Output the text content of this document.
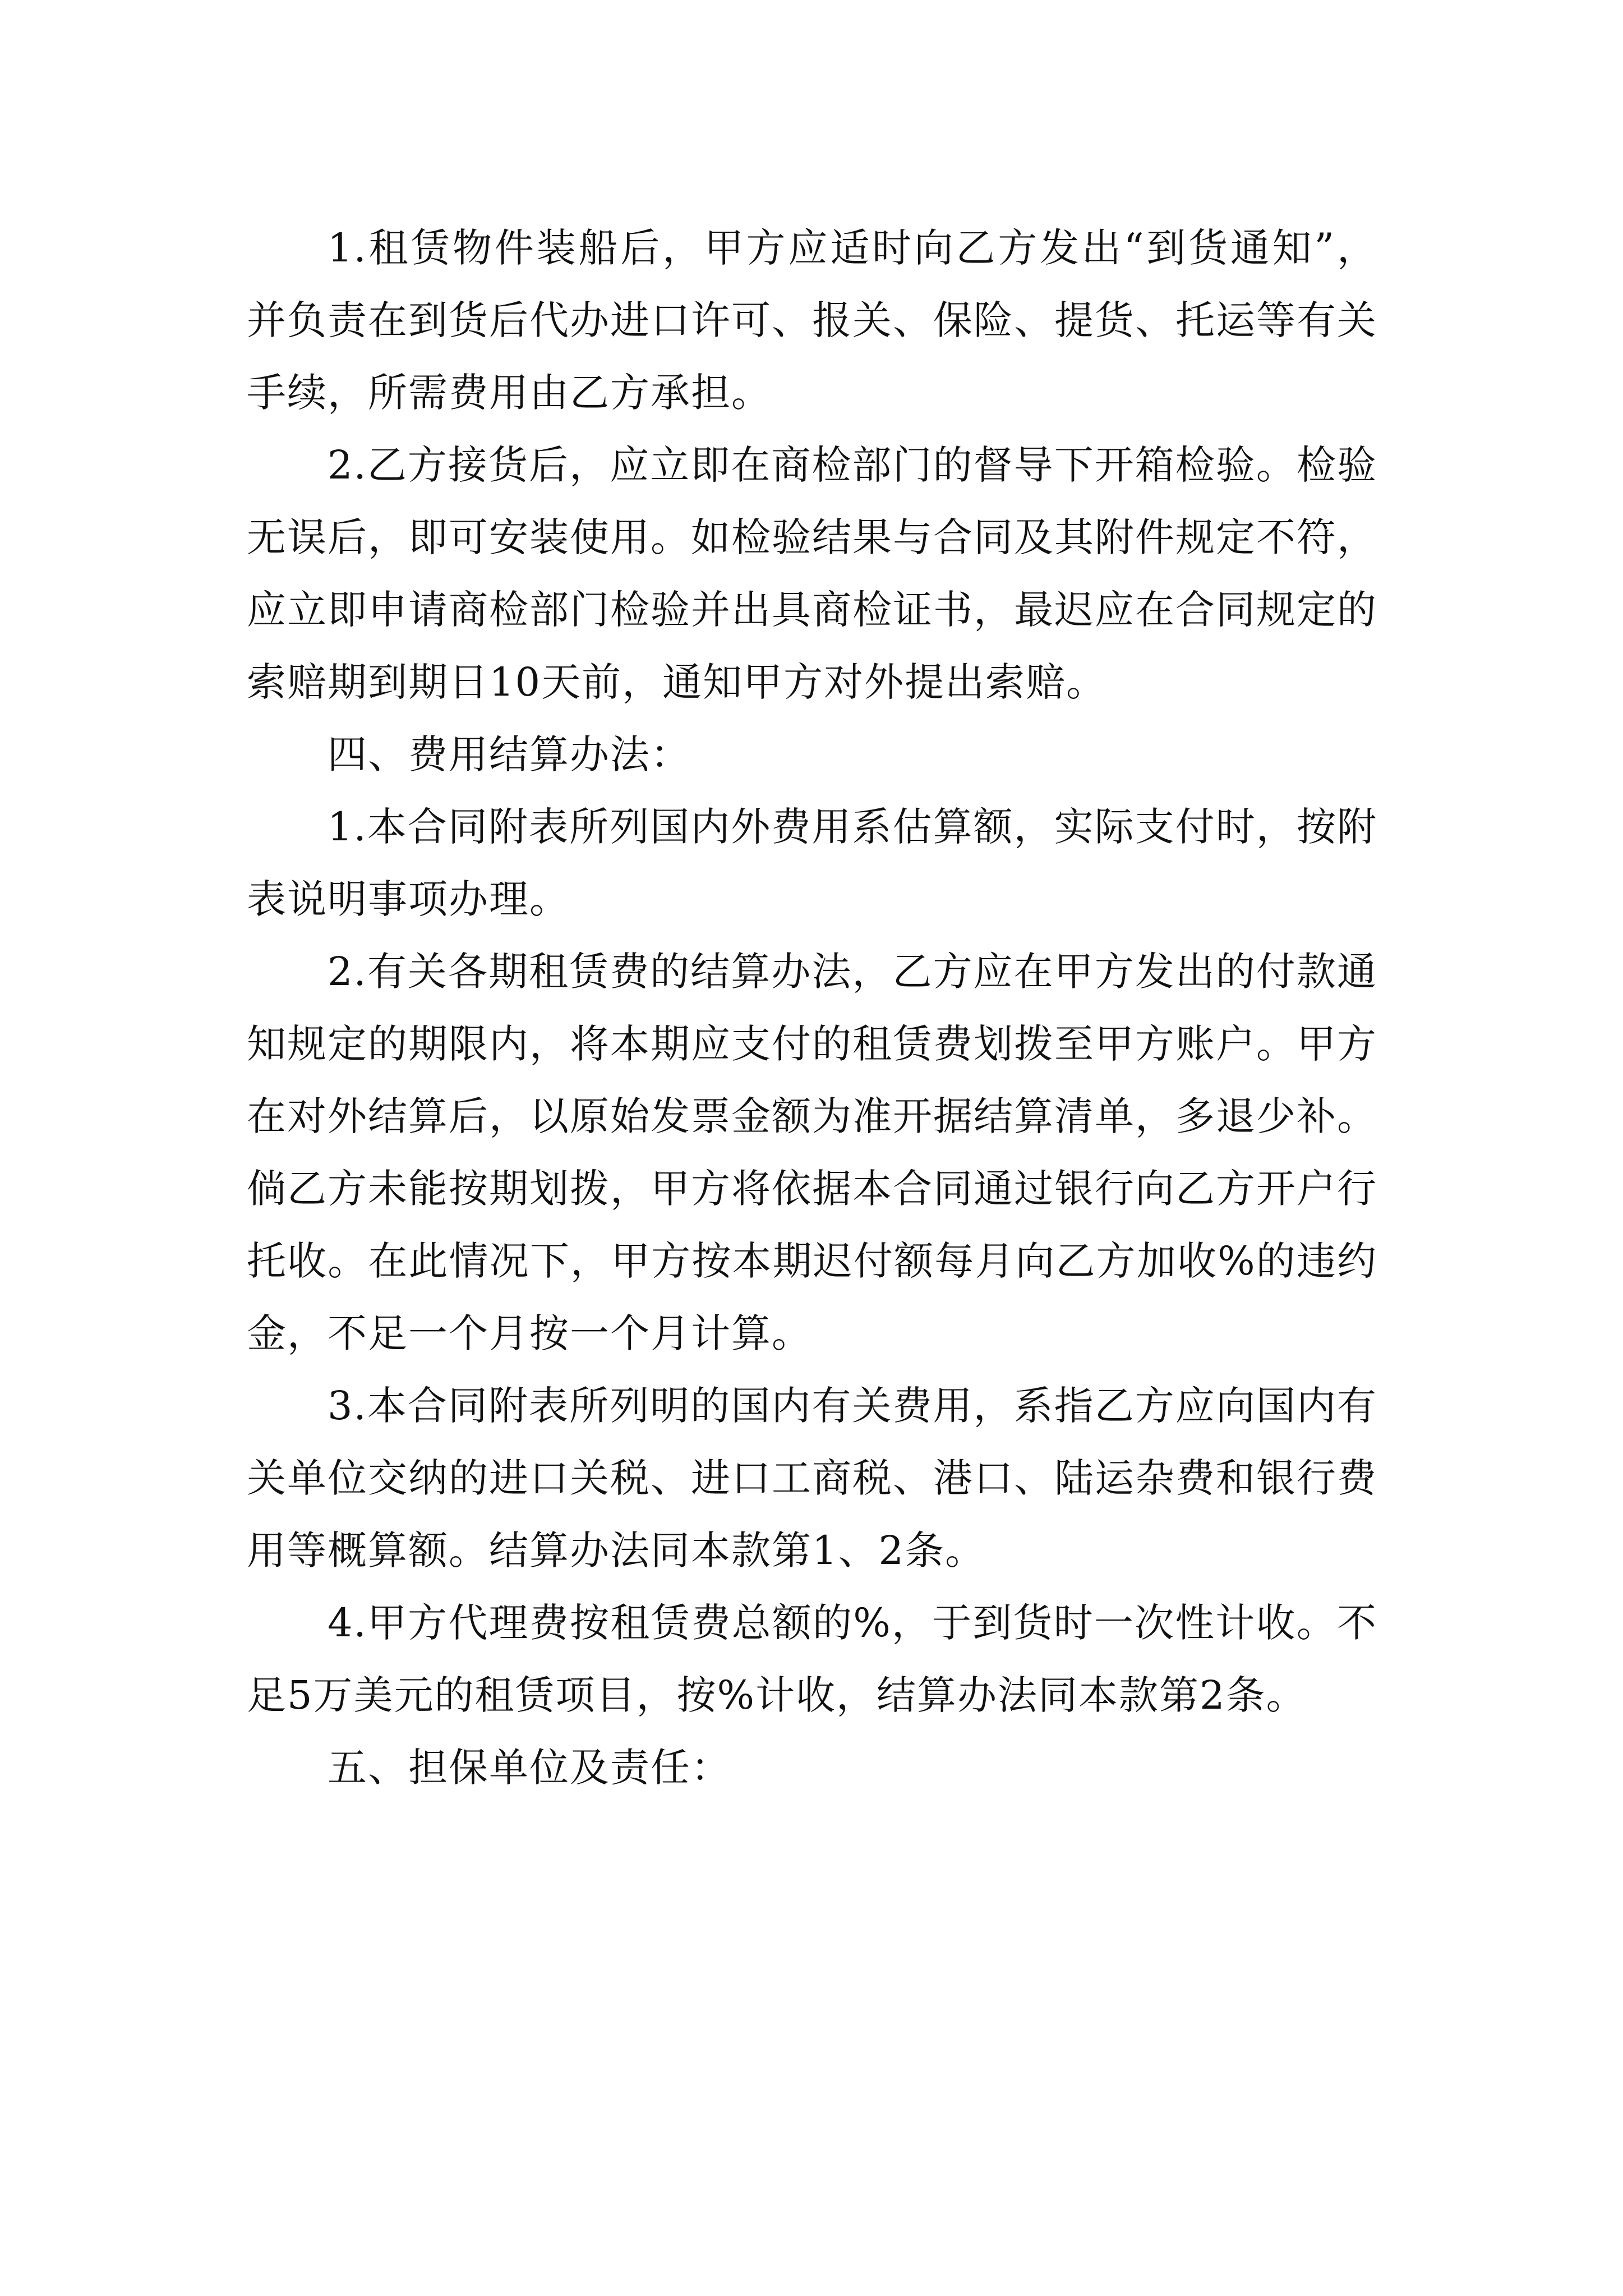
1.租赁物件装船后，甲方应适时向乙方发出“到货通知”，并负责在到货后代办进口许可、报关、保险、提货、托运等有关手续，所需费用由乙方承担。

2.乙方接货后，应立即在商检部门的督导下开箱检验。检验无误后，即可安装使用。如检验结果与合同及其附件规定不符，应立即申请商检部门检验并出具商检证书，最迟应在合同规定的索赔期到期日10天前，通知甲方对外提出索赔。

四、费用结算办法：

1.本合同附表所列国内外费用系估算额，实际支付时，按附表说明事项办理。

2.有关各期租赁费的结算办法，乙方应在甲方发出的付款通知规定的期限内，将本期应支付的租赁费划拨至甲方账户。甲方在对外结算后，以原始发票金额为准开据结算清单，多退少补。倘乙方未能按期划拨，甲方将依据本合同通过银行向乙方开户行托收。在此情况下，甲方按本期迟付额每月向乙方加收%的违约金，不足一个月按一个月计算。

3.本合同附表所列明的国内有关费用，系指乙方应向国内有关单位交纳的进口关税、进口工商税、港口、陆运杂费和银行费用等概算额。结算办法同本款第1、2条。

4.甲方代理费按租赁费总额的%，于到货时一次性计收。不足5万美元的租赁项目，按%计收，结算办法同本款第2条。

五、担保单位及责任：
